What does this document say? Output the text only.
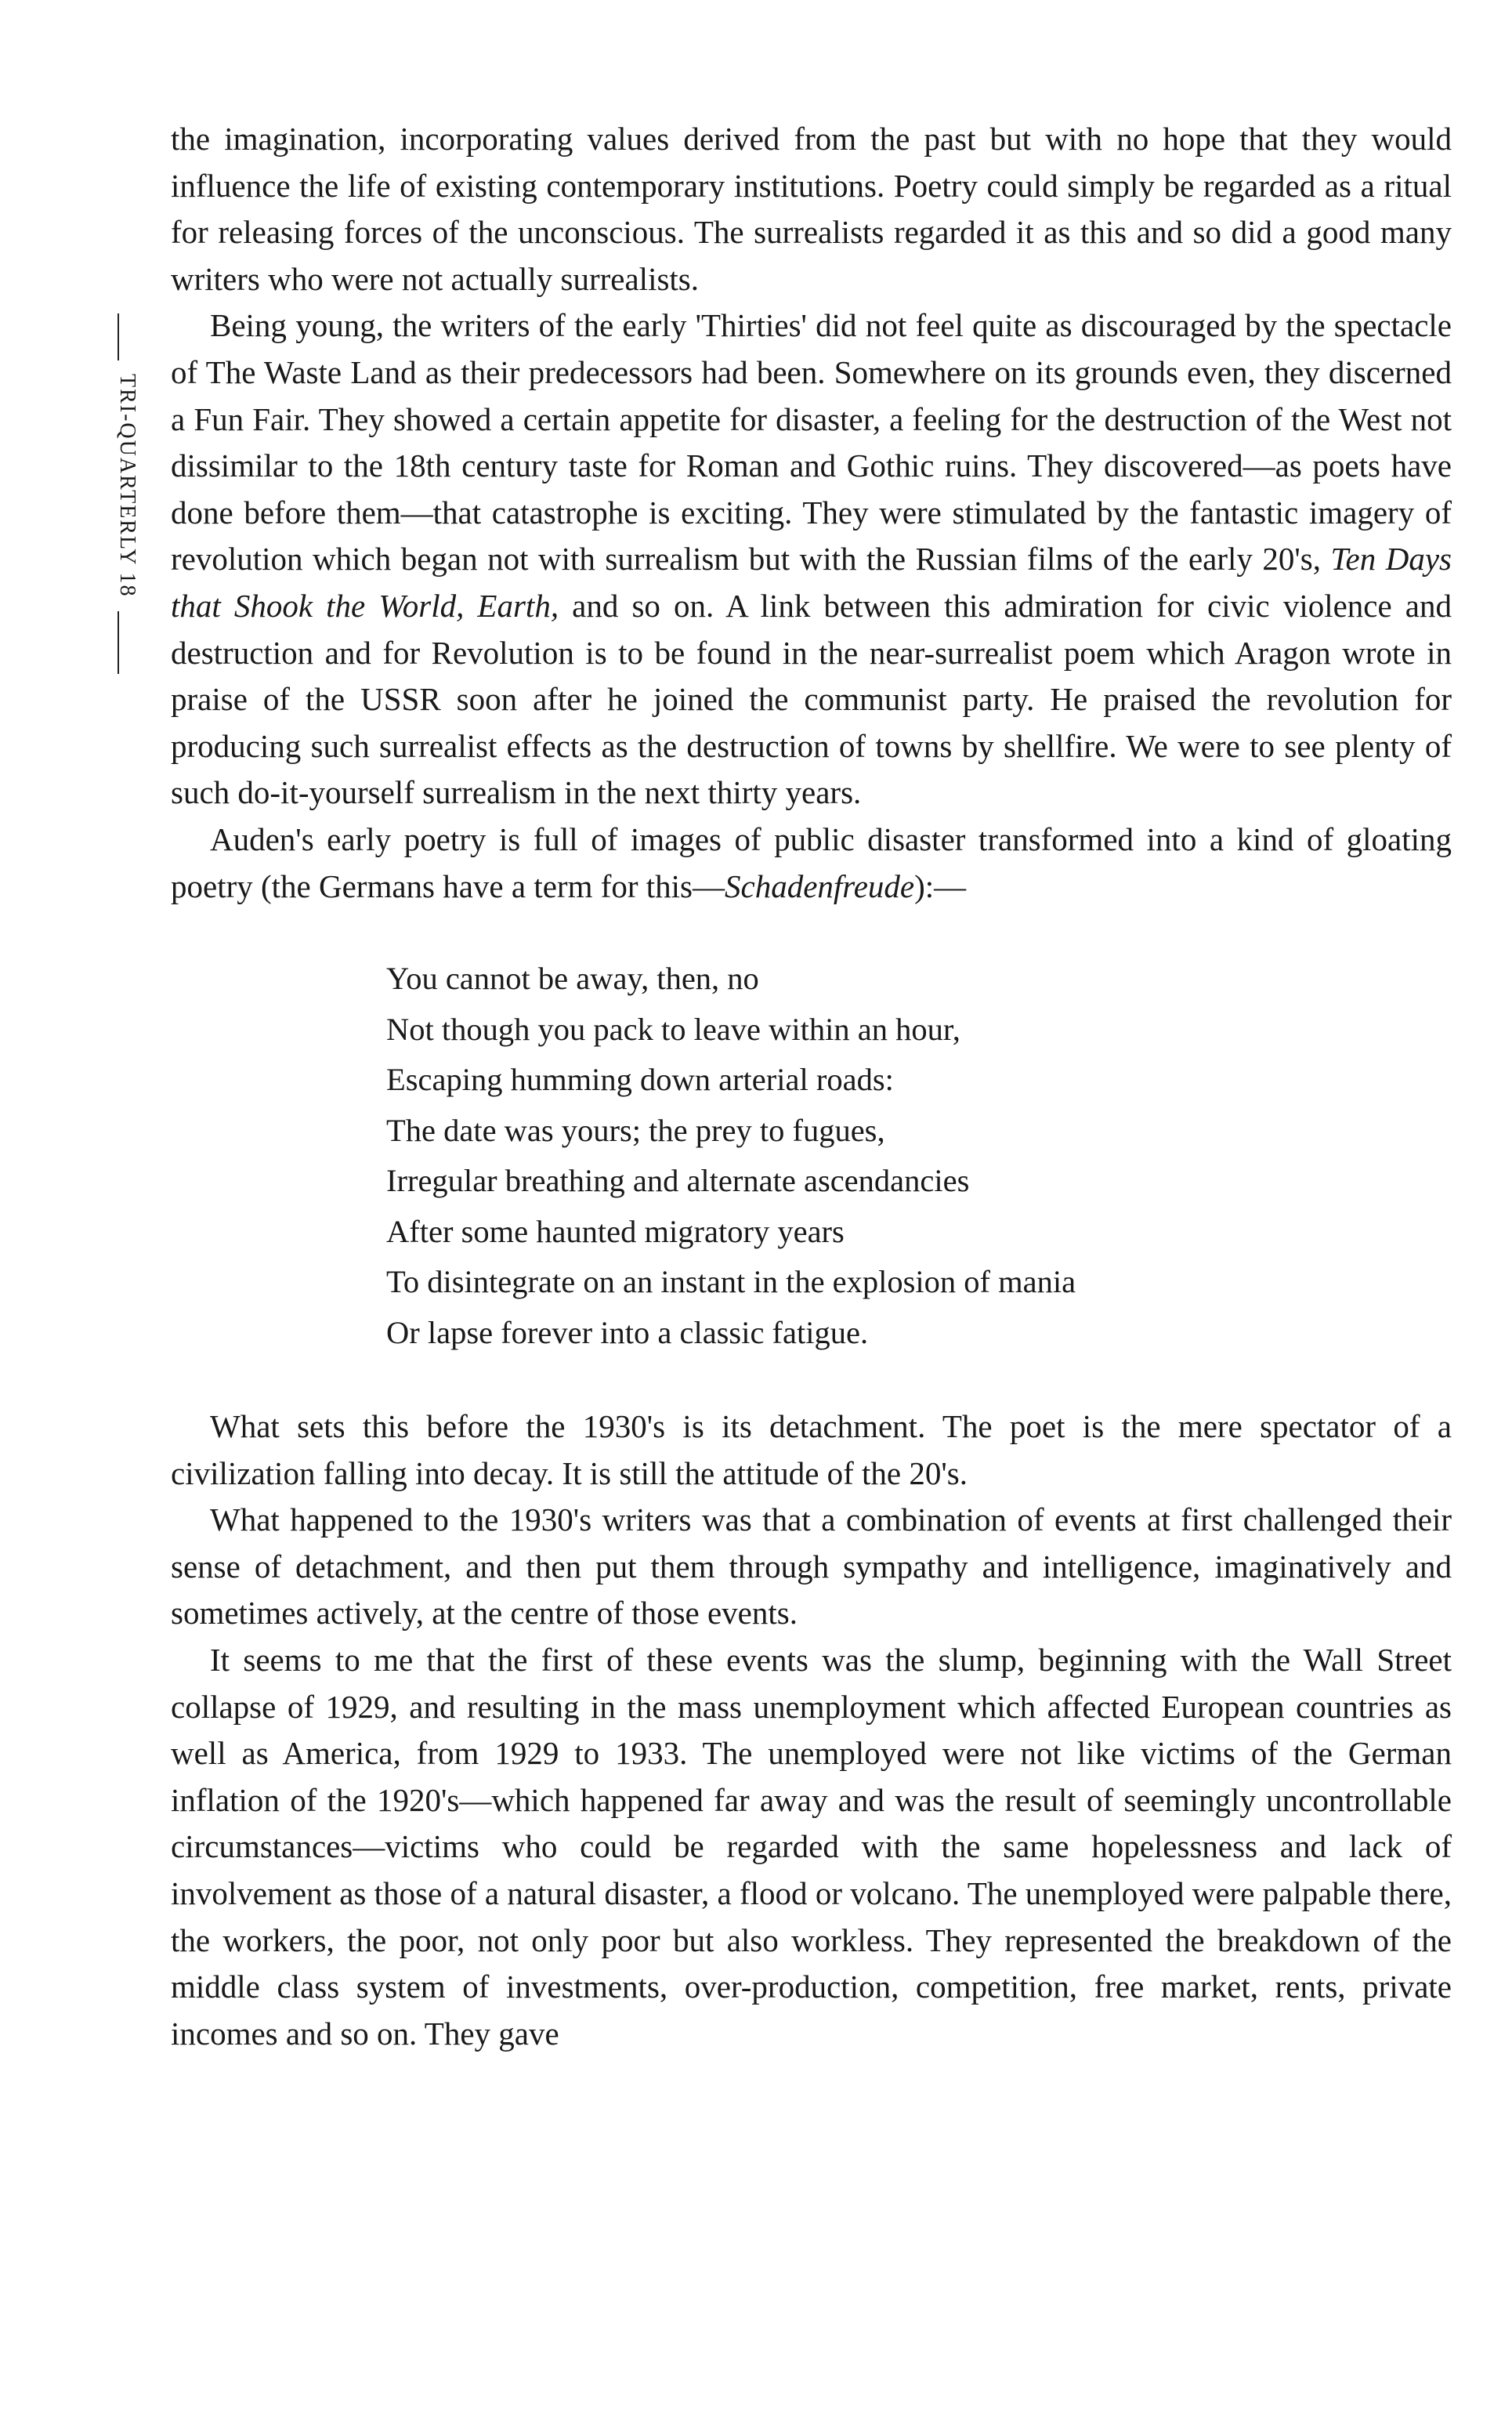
TRI-QUARTERLY 18

the imagination, incorporating values derived from the past but with no hope that they would influence the life of existing contemporary institutions. Poetry could simply be regarded as a ritual for releasing forces of the unconscious. The surrealists regarded it as this and so did a good many writers who were not actually surrealists.

Being young, the writers of the early 'Thirties' did not feel quite as discouraged by the spectacle of The Waste Land as their predecessors had been. Somewhere on its grounds even, they discerned a Fun Fair. They showed a certain appetite for disaster, a feeling for the destruction of the West not dissimilar to the 18th century taste for Roman and Gothic ruins. They discovered—as poets have done before them—that catastrophe is exciting. They were stimulated by the fantastic imagery of revolution which began not with surrealism but with the Russian films of the early 20's, Ten Days that Shook the World, Earth, and so on. A link between this admiration for civic violence and destruction and for Revolution is to be found in the near-surrealist poem which Aragon wrote in praise of the USSR soon after he joined the communist party. He praised the revolution for producing such surrealist effects as the destruction of towns by shellfire. We were to see plenty of such do-it-yourself surrealism in the next thirty years.

Auden's early poetry is full of images of public disaster transformed into a kind of gloating poetry (the Germans have a term for this—Schadenfreude):—

You cannot be away, then, no
Not though you pack to leave within an hour,
Escaping humming down arterial roads:
The date was yours; the prey to fugues,
Irregular breathing and alternate ascendancies
After some haunted migratory years
To disintegrate on an instant in the explosion of mania
Or lapse forever into a classic fatigue.

What sets this before the 1930's is its detachment. The poet is the mere spectator of a civilization falling into decay. It is still the attitude of the 20's.

What happened to the 1930's writers was that a combination of events at first challenged their sense of detachment, and then put them through sympathy and intelligence, imaginatively and sometimes actively, at the centre of those events.

It seems to me that the first of these events was the slump, beginning with the Wall Street collapse of 1929, and resulting in the mass unemployment which affected European countries as well as America, from 1929 to 1933. The unemployed were not like victims of the German inflation of the 1920's—which happened far away and was the result of seemingly uncontrollable circumstances—victims who could be regarded with the same hopelessness and lack of involvement as those of a natural disaster, a flood or volcano. The unemployed were palpable there, the workers, the poor, not only poor but also workless. They represented the breakdown of the middle class system of investments, over-production, competition, free market, rents, private incomes and so on. They gave
